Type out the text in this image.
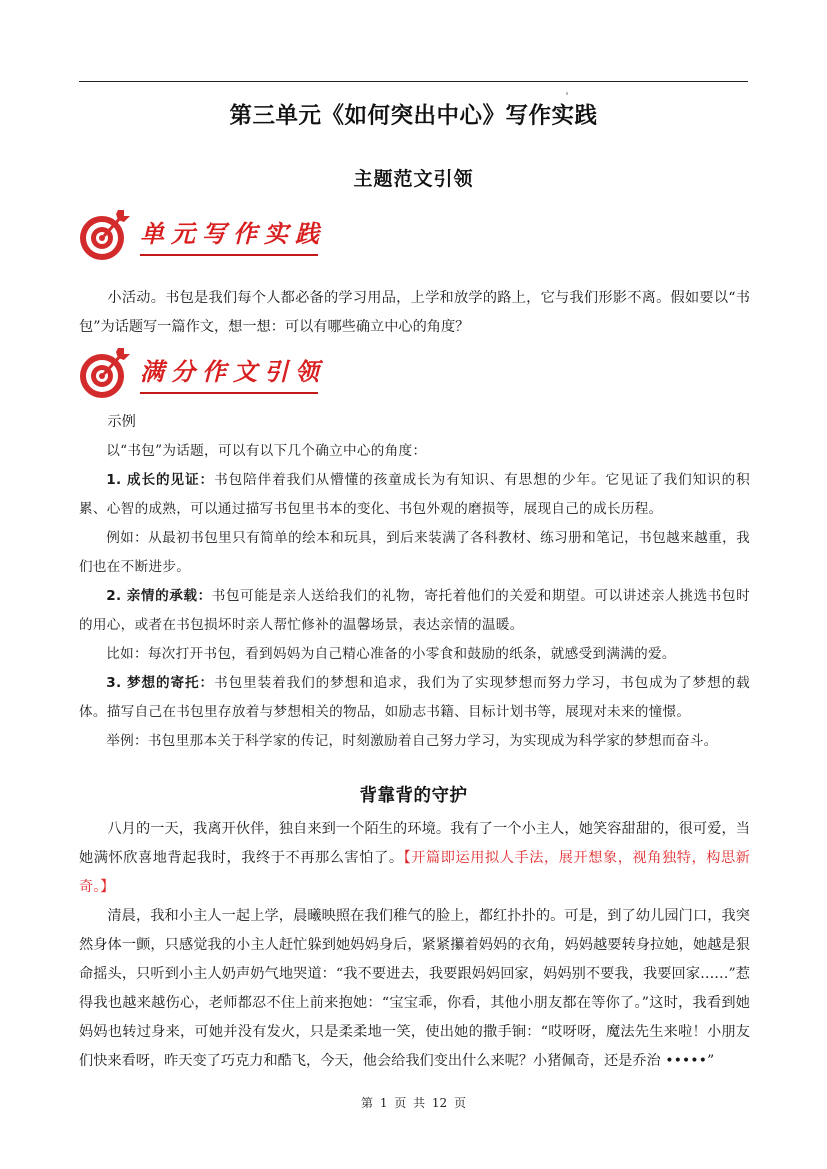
第三单元《如何突出中心》写作实践
主题范文引领
单元写作实践

小活动。书包是我们每个人都必备的学习用品，上学和放学的路上，它与我们形影不离。假如要以“书包”为话题写一篇作文，想一想：可以有哪些确立中心的角度？

满分作文引领

示例

以“书包”为话题，可以有以下几个确立中心的角度：

1. 成长的见证：书包陪伴着我们从懵懂的孩童成长为有知识、有思想的少年。它见证了我们知识的积累、心智的成熟，可以通过描写书包里书本的变化、书包外观的磨损等，展现自己的成长历程。

例如：从最初书包里只有简单的绘本和玩具，到后来装满了各科教材、练习册和笔记，书包越来越重，我们也在不断进步。

2. 亲情的承载：书包可能是亲人送给我们的礼物，寄托着他们的关爱和期望。可以讲述亲人挑选书包时的用心，或者在书包损坏时亲人帮忙修补的温馨场景，表达亲情的温暖。

比如：每次打开书包，看到妈妈为自己精心准备的小零食和鼓励的纸条，就感受到满满的爱。

3. 梦想的寄托：书包里装着我们的梦想和追求，我们为了实现梦想而努力学习，书包成为了梦想的载体。描写自己在书包里存放着与梦想相关的物品，如励志书籍、目标计划书等，展现对未来的憧憬。

举例：书包里那本关于科学家的传记，时刻激励着自己努力学习，为实现成为科学家的梦想而奋斗。

背靠背的守护

八月的一天，我离开伙伴，独自来到一个陌生的环境。我有了一个小主人，她笑容甜甜的，很可爱，当她满怀欣喜地背起我时，我终于不再那么害怕了。【开篇即运用拟人手法，展开想象，视角独特，构思新奇。】

清晨，我和小主人一起上学，晨曦映照在我们稚气的脸上，都红扑扑的。可是，到了幼儿园门口，我突然身体一颤，只感觉我的小主人赶忙躲到她妈妈身后，紧紧攥着妈妈的衣角，妈妈越要转身拉她，她越是狠命摇头，只听到小主人奶声奶气地哭道：“我不要进去，我要跟妈妈回家，妈妈别不要我，我要回家……”惹得我也越来越伤心，老师都忍不住上前来抱她：“宝宝乖，你看，其他小朋友都在等你了。”这时，我看到她妈妈也转过身来，可她并没有发火，只是柔柔地一笑，使出她的撒手锏：“哎呀呀，魔法先生来啦！小朋友们快来看呀，昨天变了巧克力和酷飞，今天，他会给我们变出什么来呢？小猪佩奇，还是乔治 •••••”

第 1 页 共 12 页
